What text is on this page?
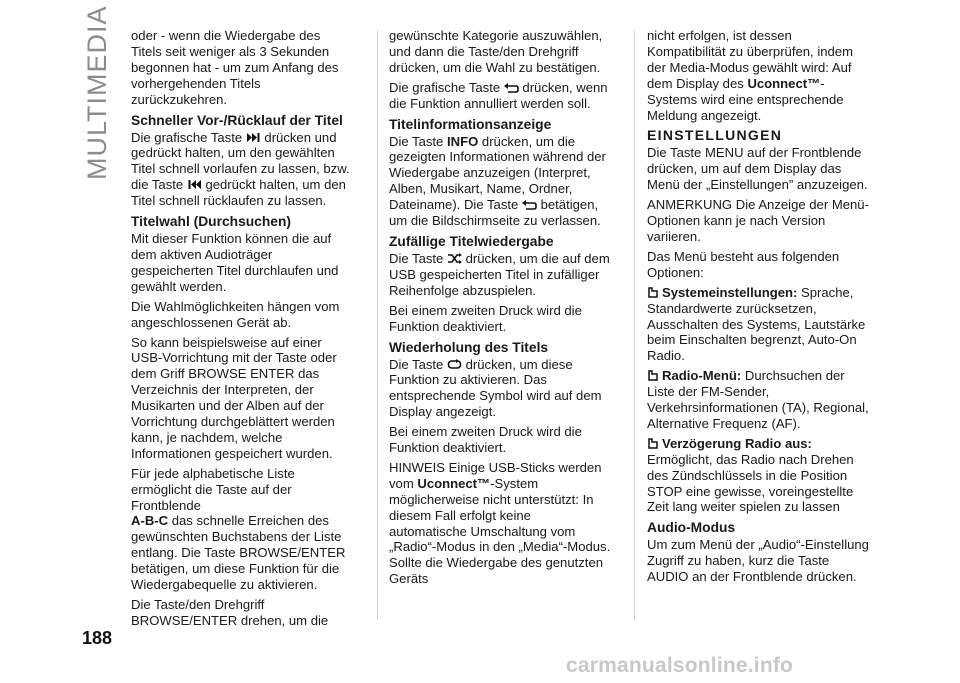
MULTIMEDIA
188

oder - wenn die Wiedergabe des Titels seit weniger als 3 Sekunden begonnen hat - um zum Anfang des vorhergehenden Titels zurückzukehren.

Schneller Vor-/Rücklauf der Titel

Die grafische Taste drücken und gedrückt halten, um den gewählten Titel schnell vorlaufen zu lassen, bzw. die Taste gedrückt halten, um den Titel schnell rücklaufen zu lassen.

Titelwahl (Durchsuchen)

Mit dieser Funktion können die auf dem aktiven Audioträger gespeicherten Titel durchlaufen und gewählt werden.

Die Wahlmöglichkeiten hängen vom angeschlossenen Gerät ab.

So kann beispielsweise auf einer USB-Vorrichtung mit der Taste oder dem Griff BROWSE ENTER das Verzeichnis der Interpreten, der Musikarten und der Alben auf der Vorrichtung durchgeblättert werden kann, je nachdem, welche Informationen gespeichert wurden.

Für jede alphabetische Liste ermöglicht die Taste auf der Frontblende
A-B-C das schnelle Erreichen des gewünschten Buchstabens der Liste entlang. Die Taste BROWSE/ENTER betätigen, um diese Funktion für die Wiedergabequelle zu aktivieren.

Die Taste/den Drehgriff BROWSE/ENTER drehen, um die

gewünschte Kategorie auszuwählen, und dann die Taste/den Drehgriff drücken, um die Wahl zu bestätigen.

Die grafische Taste drücken, wenn die Funktion annulliert werden soll.

Titelinformationsanzeige

Die Taste INFO drücken, um die gezeigten Informationen während der Wiedergabe anzuzeigen (Interpret, Alben, Musikart, Name, Ordner, Dateiname). Die Taste betätigen, um die Bildschirmseite zu verlassen.

Zufällige Titelwiedergabe

Die Taste drücken, um die auf dem USB gespeicherten Titel in zufälliger Reihenfolge abzuspielen.

Bei einem zweiten Druck wird die Funktion deaktiviert.

Wiederholung des Titels

Die Taste drücken, um diese Funktion zu aktivieren. Das entsprechende Symbol wird auf dem Display angezeigt.

Bei einem zweiten Druck wird die Funktion deaktiviert.

HINWEIS Einige USB-Sticks werden vom Uconnect™-System möglicherweise nicht unterstützt: In diesem Fall erfolgt keine automatische Umschaltung vom „Radio“-Modus in den „Media“-Modus. Sollte die Wiedergabe des genutzten Geräts

nicht erfolgen, ist dessen Kompatibilität zu überprüfen, indem der Media-Modus gewählt wird: Auf dem Display des Uconnect™-Systems wird eine entsprechende Meldung angezeigt.

EINSTELLUNGEN

Die Taste MENU auf der Frontblende drücken, um auf dem Display das Menü der „Einstellungen” anzuzeigen.

ANMERKUNG Die Anzeige der Menü-Optionen kann je nach Version variieren.

Das Menü besteht aus folgenden Optionen:

Systemeinstellungen: Sprache, Standardwerte zurücksetzen, Ausschalten des Systems, Lautstärke beim Einschalten begrenzt, Auto-On Radio.

Radio-Menü: Durchsuchen der Liste der FM-Sender, Verkehrsinformationen (TA), Regional, Alternative Frequenz (AF).

Verzögerung Radio aus:
Ermöglicht, das Radio nach Drehen des Zündschlüssels in die Position STOP eine gewisse, voreingestellte Zeit lang weiter spielen zu lassen

Audio-Modus

Um zum Menü der „Audio“-Einstellung Zugriff zu haben, kurz die Taste AUDIO an der Frontblende drücken.

carmanualsonline.info
